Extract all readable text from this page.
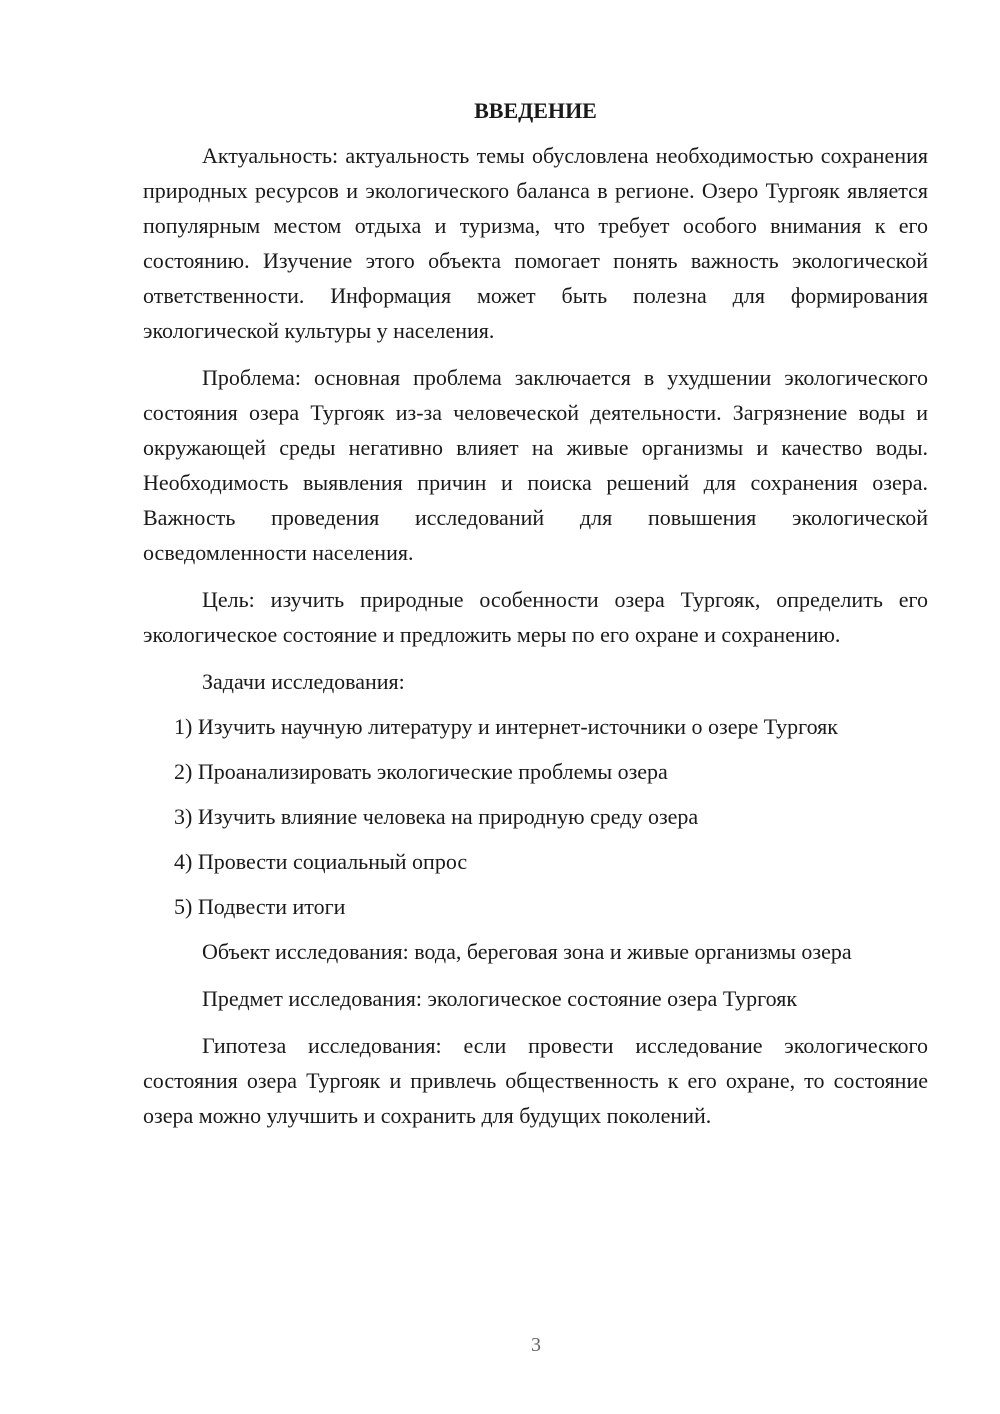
ВВЕДЕНИЕ

Актуальность: актуальность темы обусловлена необходимостью сохранения природных ресурсов и экологического баланса в регионе. Озеро Тургояк является популярным местом отдыха и туризма, что требует особого внимания к его состоянию. Изучение этого объекта помогает понять важность экологической ответственности. Информация может быть полезна для формирования экологической культуры у населения.

Проблема: основная проблема заключается в ухудшении экологического состояния озера Тургояк из-за человеческой деятельности. Загрязнение воды и окружающей среды негативно влияет на живые организмы и качество воды. Необходимость выявления причин и поиска решений для сохранения озера. Важность проведения исследований для повышения экологической осведомленности населения.

Цель: изучить природные особенности озера Тургояк, определить его экологическое состояние и предложить меры по его охране и сохранению.

Задачи исследования:

1) Изучить научную литературу и интернет-источники о озере Тургояк
2) Проанализировать экологические проблемы озера
3) Изучить влияние человека на природную среду озера
4) Провести социальный опрос
5) Подвести итоги

Объект исследования: вода, береговая зона и живые организмы озера

Предмет исследования: экологическое состояние озера Тургояк

Гипотеза исследования: если провести исследование экологического состояния озера Тургояк и привлечь общественность к его охране, то состояние озера можно улучшить и сохранить для будущих поколений.

3
